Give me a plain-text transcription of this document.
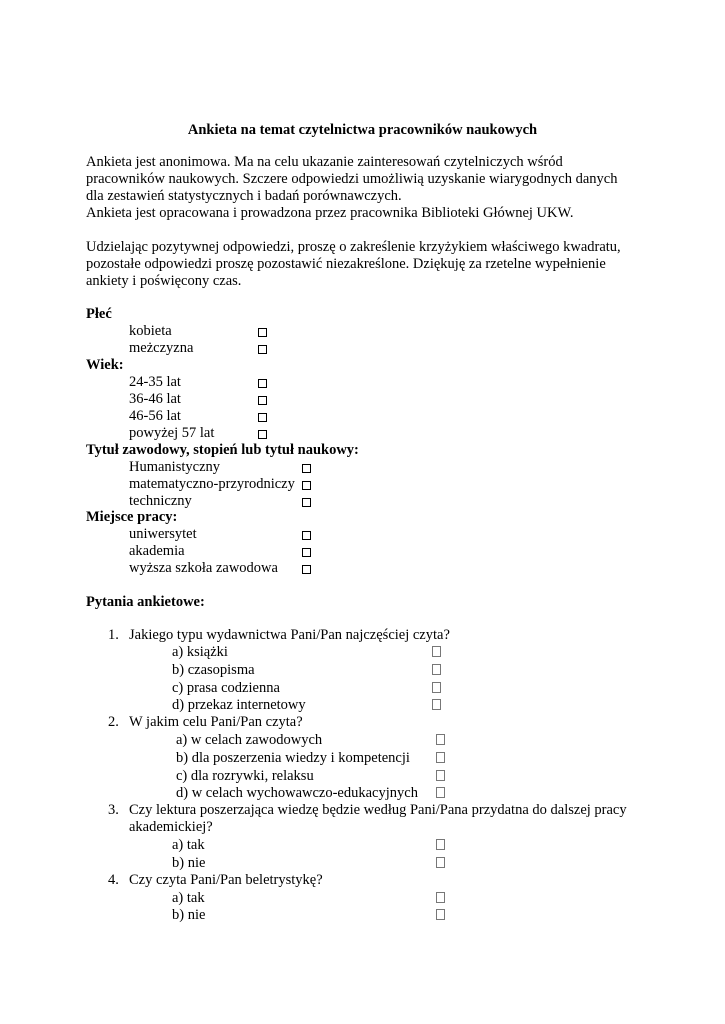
Ankieta na temat czytelnictwa pracowników naukowych
Ankieta jest anonimowa. Ma na celu ukazanie zainteresowań czytelniczych wśród
pracowników naukowych. Szczere odpowiedzi umożliwią uzyskanie wiarygodnych danych
dla zestawień statystycznych i badań porównawczych.
Ankieta jest opracowana i prowadzona przez pracownika Biblioteki Głównej UKW.
Udzielając pozytywnej odpowiedzi, proszę o zakreślenie krzyżykiem właściwego kwadratu,
pozostałe odpowiedzi proszę pozostawić niezakreślone. Dziękuję za rzetelne wypełnienie
ankiety i poświęcony czas.
Płeć
kobieta
meżczyzna
Wiek:
24-35 lat
36-46 lat
46-56 lat
powyżej 57 lat
Tytuł zawodowy, stopień lub tytuł naukowy:
Humanistyczny
matematyczno-przyrodniczy
techniczny
Miejsce pracy:
uniwersytet
akademia
wyższa szkoła zawodowa
Pytania ankietowe:
1. Jakiego typu wydawnictwa Pani/Pan najczęściej czyta?
a) książki
b) czasopisma
c) prasa codzienna
d) przekaz internetowy
2. W jakim celu Pani/Pan czyta?
a) w celach zawodowych
b) dla poszerzenia wiedzy i kompetencji
c) dla rozrywki, relaksu
d) w celach wychowawczo-edukacyjnych
3. Czy lektura poszerzająca wiedzę będzie według Pani/Pana przydatna do dalszej pracy
akademickiej?
a) tak
b) nie
4. Czy czyta Pani/Pan beletrystykę?
a) tak
b) nie
